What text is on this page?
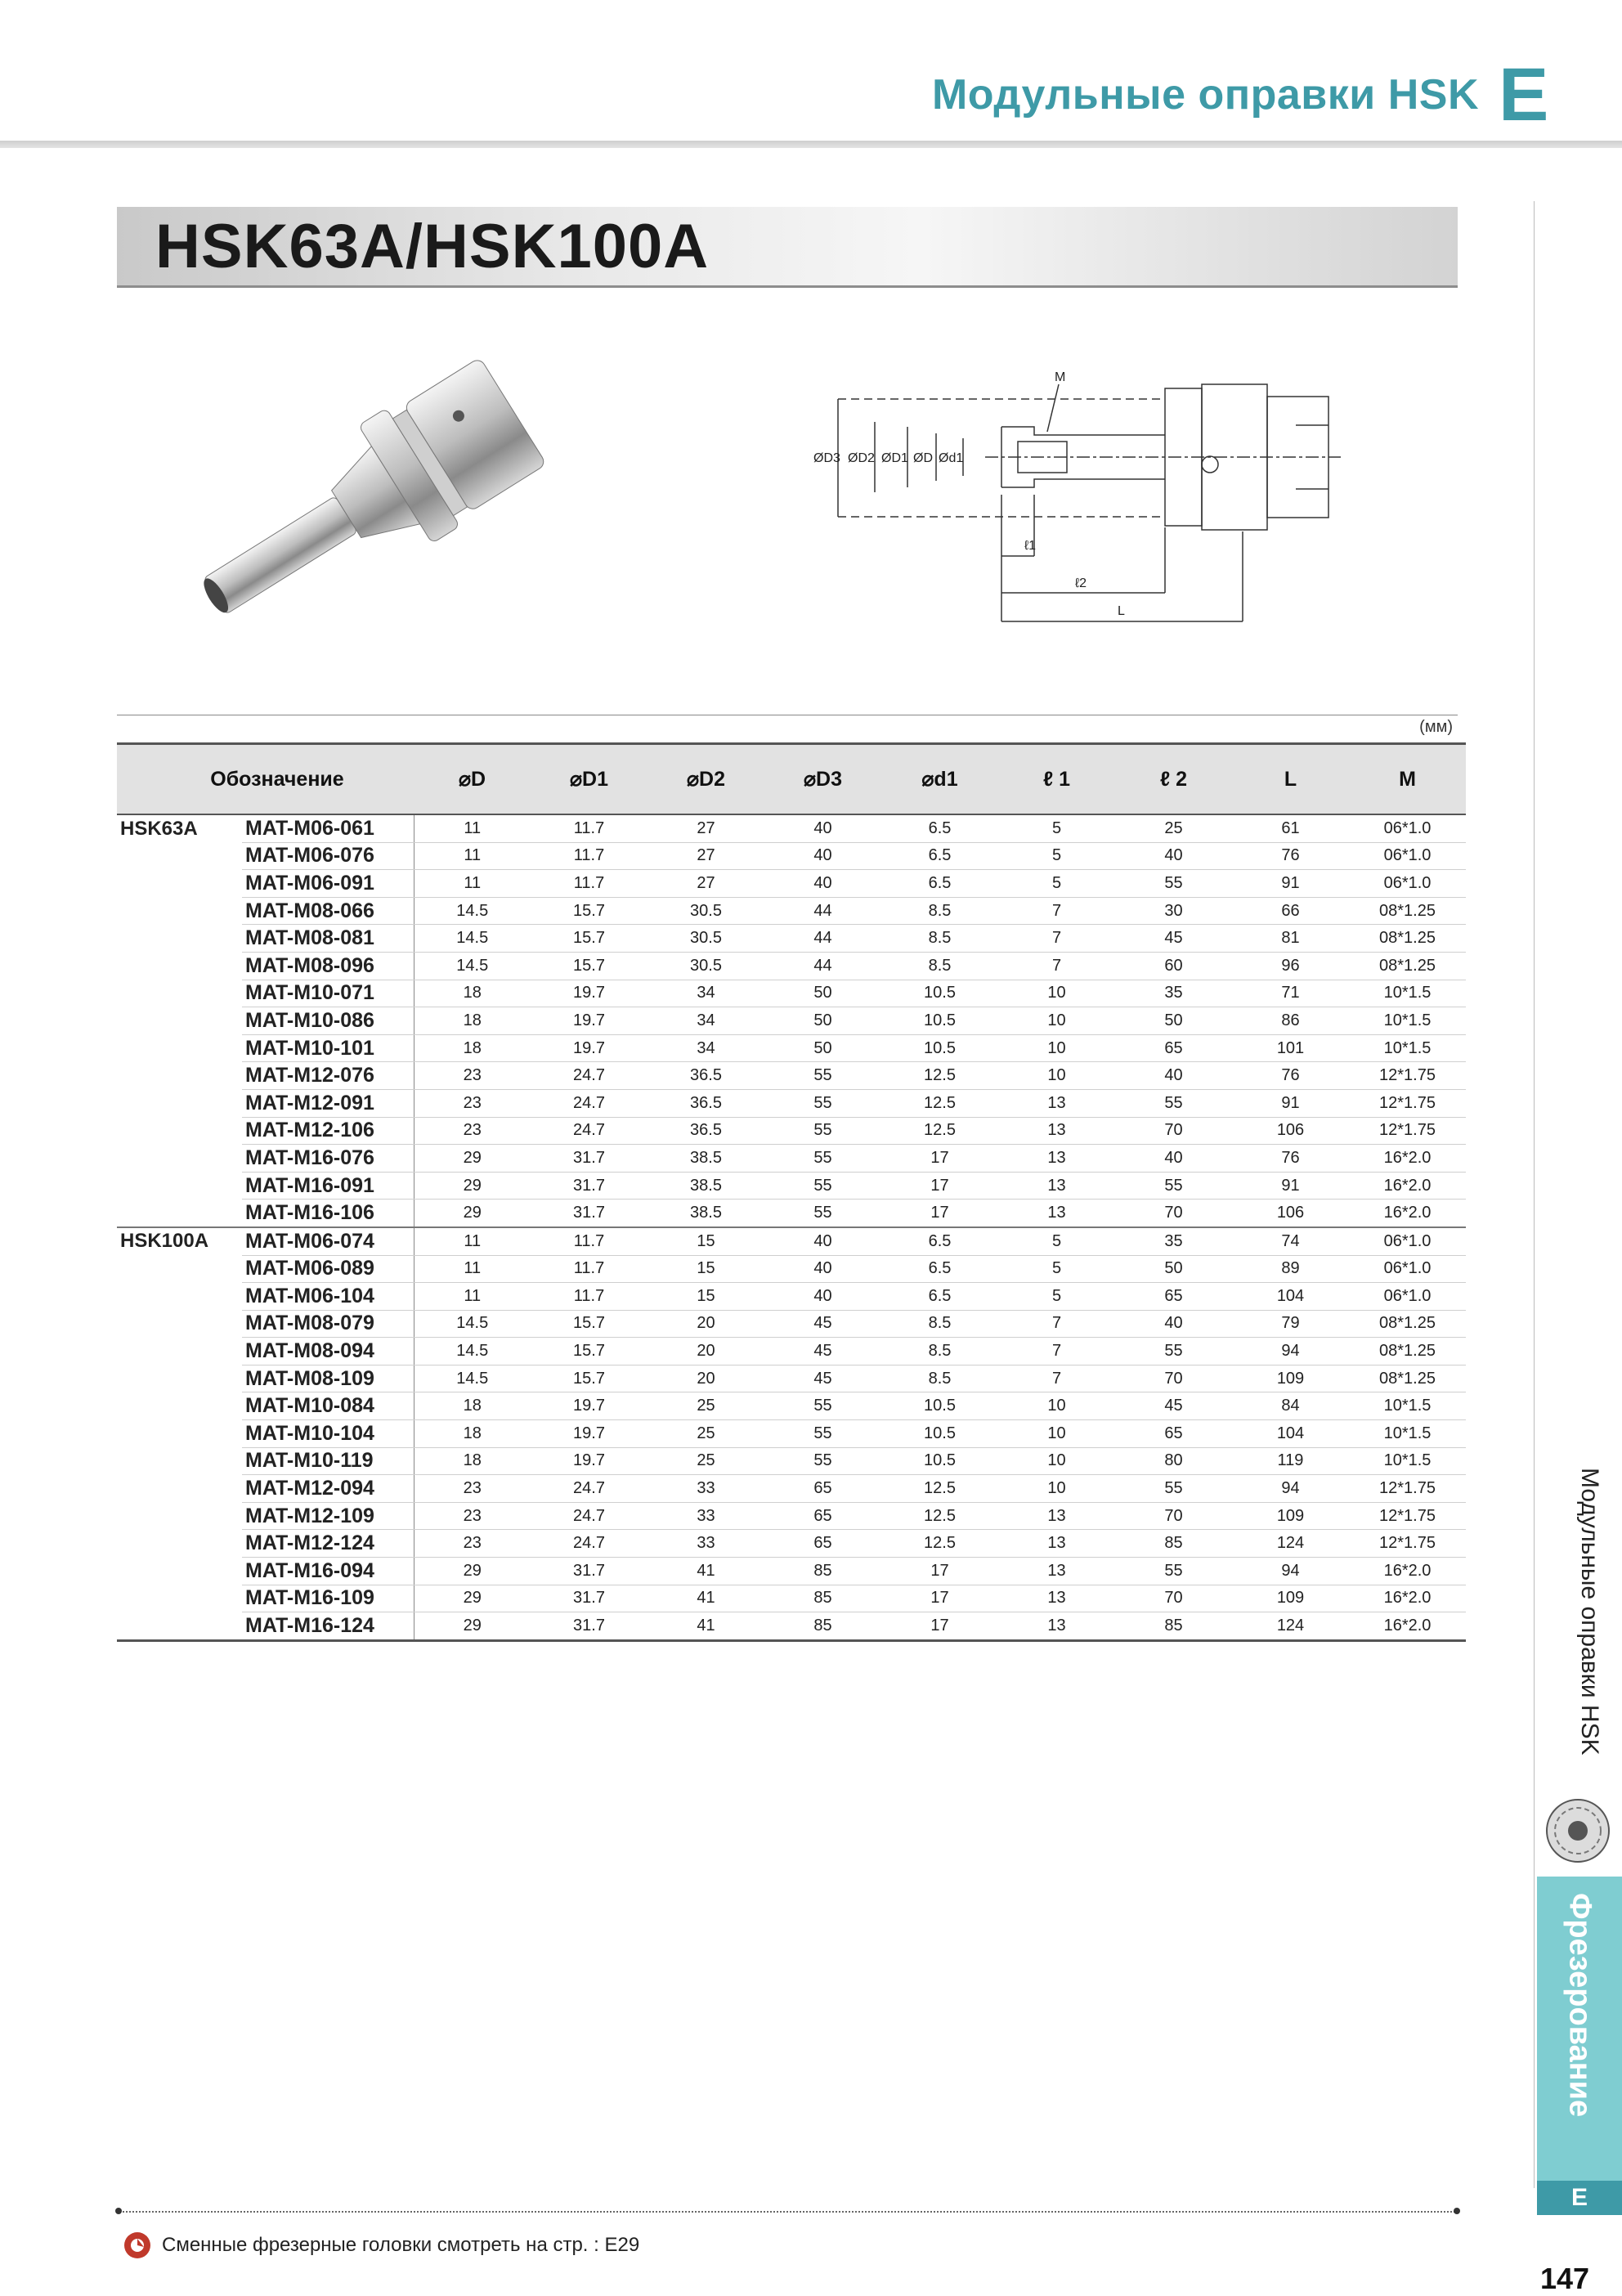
Модульные оправки HSK E
HSK63A/HSK100A
M
ØD3 ØD2 ØD1 ØD Ød1
ℓ1
ℓ2
L
(мм)
Обозначение		⌀D	⌀D1	⌀D2	⌀D3	⌀d1	ℓ 1	ℓ 2	L	M
HSK63A	MAT-M06-061	11	11.7	27	40	6.5	5	25	61	06*1.0
	MAT-M06-076	11	11.7	27	40	6.5	5	40	76	06*1.0
	MAT-M06-091	11	11.7	27	40	6.5	5	55	91	06*1.0
	MAT-M08-066	14.5	15.7	30.5	44	8.5	7	30	66	08*1.25
	MAT-M08-081	14.5	15.7	30.5	44	8.5	7	45	81	08*1.25
	MAT-M08-096	14.5	15.7	30.5	44	8.5	7	60	96	08*1.25
	MAT-M10-071	18	19.7	34	50	10.5	10	35	71	10*1.5
	MAT-M10-086	18	19.7	34	50	10.5	10	50	86	10*1.5
	MAT-M10-101	18	19.7	34	50	10.5	10	65	101	10*1.5
	MAT-M12-076	23	24.7	36.5	55	12.5	10	40	76	12*1.75
	MAT-M12-091	23	24.7	36.5	55	12.5	13	55	91	12*1.75
	MAT-M12-106	23	24.7	36.5	55	12.5	13	70	106	12*1.75
	MAT-M16-076	29	31.7	38.5	55	17	13	40	76	16*2.0
	MAT-M16-091	29	31.7	38.5	55	17	13	55	91	16*2.0
	MAT-M16-106	29	31.7	38.5	55	17	13	70	106	16*2.0
HSK100A	MAT-M06-074	11	11.7	15	40	6.5	5	35	74	06*1.0
	MAT-M06-089	11	11.7	15	40	6.5	5	50	89	06*1.0
	MAT-M06-104	11	11.7	15	40	6.5	5	65	104	06*1.0
	MAT-M08-079	14.5	15.7	20	45	8.5	7	40	79	08*1.25
	MAT-M08-094	14.5	15.7	20	45	8.5	7	55	94	08*1.25
	MAT-M08-109	14.5	15.7	20	45	8.5	7	70	109	08*1.25
	MAT-M10-084	18	19.7	25	55	10.5	10	45	84	10*1.5
	MAT-M10-104	18	19.7	25	55	10.5	10	65	104	10*1.5
	MAT-M10-119	18	19.7	25	55	10.5	10	80	119	10*1.5
	MAT-M12-094	23	24.7	33	65	12.5	10	55	94	12*1.75
	MAT-M12-109	23	24.7	33	65	12.5	13	70	109	12*1.75
	MAT-M12-124	23	24.7	33	65	12.5	13	85	124	12*1.75
	MAT-M16-094	29	31.7	41	85	17	13	55	94	16*2.0
	MAT-M16-109	29	31.7	41	85	17	13	70	109	16*2.0
	MAT-M16-124	29	31.7	41	85	17	13	85	124	16*2.0	Модульные оправки HSK
Фрезерование
E
147
Сменные фрезерные головки смотреть на стр. : E29
